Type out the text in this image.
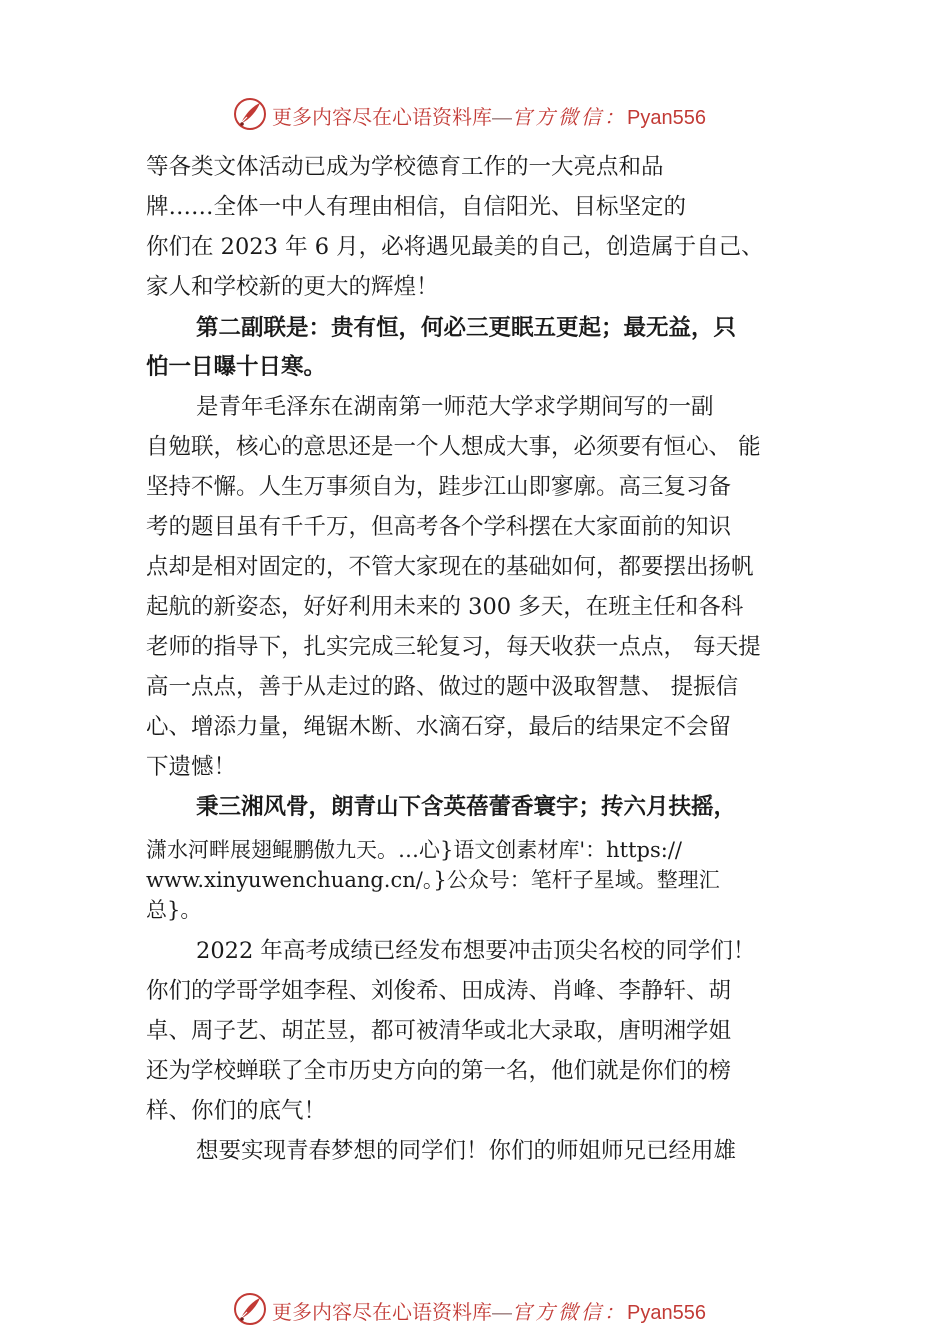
更多内容尽在心语资料库—官方微信：Pyan556
等各类文体活动已成为学校德育工作的一大亮点和品
牌……全体一中人有理由相信，自信阳光、目标坚定的
你们在 2023 年 6 月，必将遇见最美的自己，创造属于自己、
家人和学校新的更大的辉煌！
第二副联是：贵有恒，何必三更眠五更起；最无益，只
怕一日曝十日寒。
是青年毛泽东在湖南第一师范大学求学期间写的一副
自勉联，核心的意思还是一个人想成大事，必须要有恒心、 能
坚持不懈。人生万事须自为，跬步江山即寥廓。高三复习备
考的题目虽有千千万，但高考各个学科摆在大家面前的知识
点却是相对固定的，不管大家现在的基础如何，都要摆出扬帆
起航的新姿态，好好利用未来的 300 多天，在班主任和各科
老师的指导下，扎实完成三轮复习，每天收获一点点， 每天提
高一点点，善于从走过的路、做过的题中汲取智慧、 提振信
心、增添力量，绳锯木断、水滴石穿，最后的结果定不会留
下遗憾！
秉三湘风骨，朗青山下含英蓓蕾香寰宇；抟六月扶摇，
潇水河畔展翅鲲鹏傲九天。…心}语文创素材库'：https://
www.xinyuwenchuang.cn/。}公众号：笔杆子星域。整理汇
总}。
2022 年高考成绩已经发布想要冲击顶尖名校的同学们！
你们的学哥学姐李程、刘俊希、田成涛、肖峰、李静轩、胡
卓、周子艺、胡芷昱，都可被清华或北大录取，唐明湘学姐
还为学校蝉联了全市历史方向的第一名，他们就是你们的榜
样、你们的底气！
想要实现青春梦想的同学们！你们的师姐师兄已经用雄
更多内容尽在心语资料库—官方微信：Pyan556
